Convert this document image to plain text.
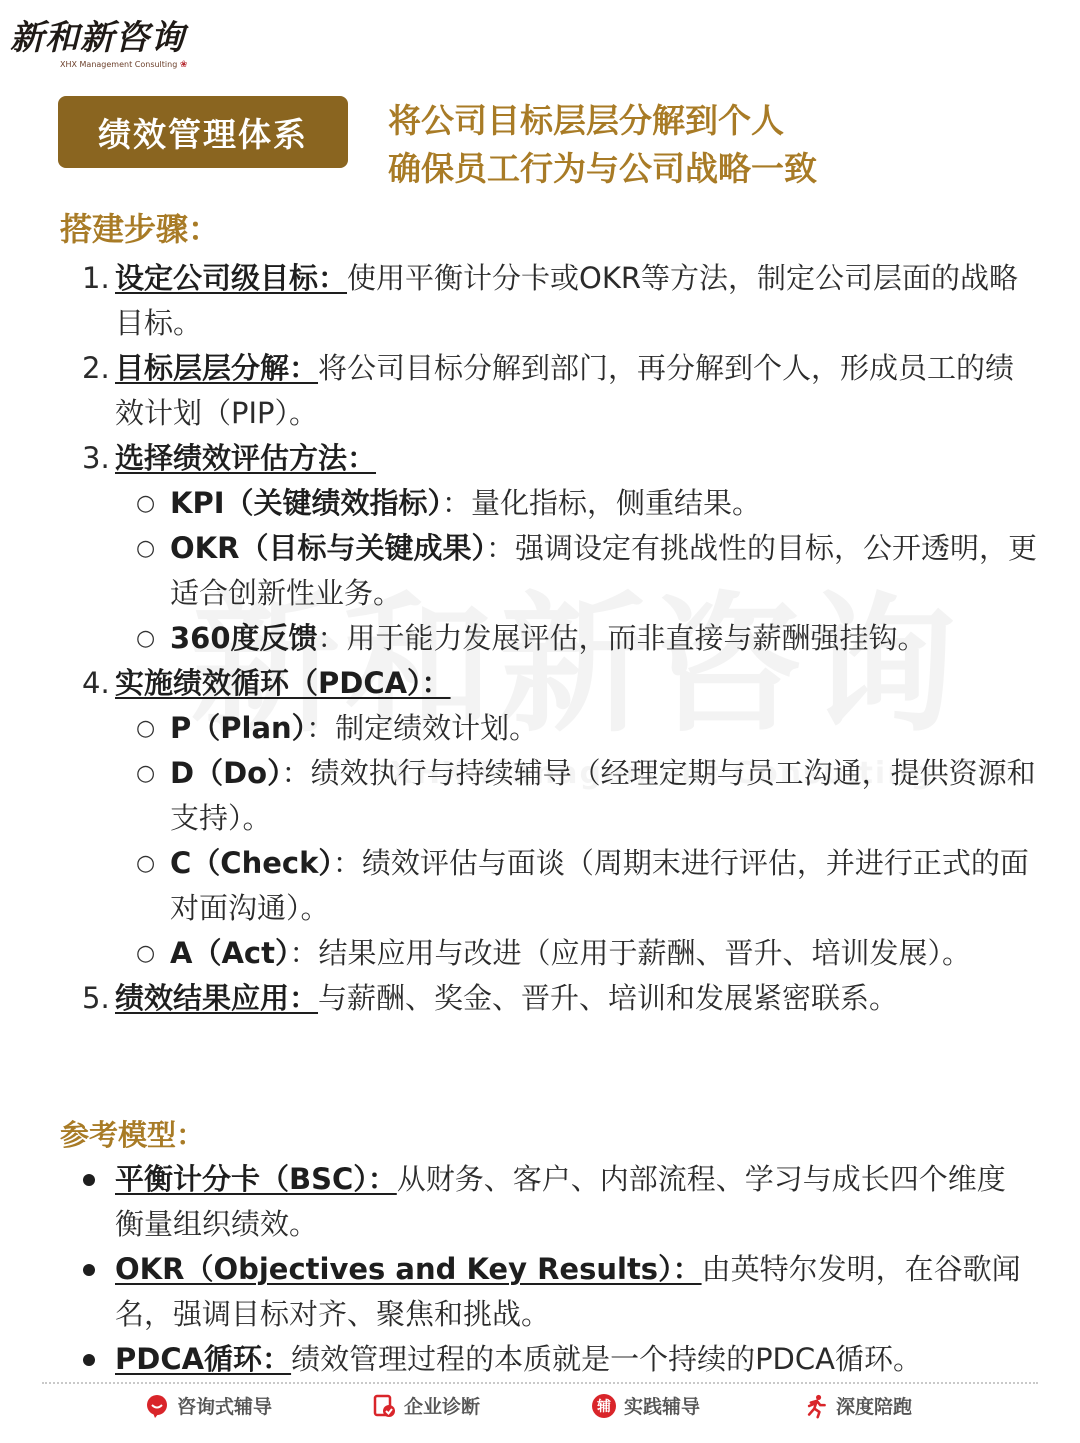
新和新咨询
XHX Management Consulting ❀
绩效管理体系	将公司目标层层分解到个人
确保员工行为与公司战略一致
搭建步骤：
1. 设定公司级目标：使用平衡计分卡或OKR等方法，制定公司层面的战略目标。
2. 目标层层分解：将公司目标分解到部门，再分解到个人，形成员工的绩效计划（PIP）。
3. 选择绩效评估方法：
○ KPI（关键绩效指标）：量化指标，侧重结果。
○ OKR（目标与关键成果）：强调设定有挑战性的目标，公开透明，更适合创新性业务。
○ 360度反馈：用于能力发展评估，而非直接与薪酬强挂钩。
4. 实施绩效循环（PDCA）：
○ P（Plan）：制定绩效计划。
○ D（Do）：绩效执行与持续辅导（经理定期与员工沟通，提供资源和支持）。
○ C（Check）：绩效评估与面谈（周期末进行评估，并进行正式的面对面沟通）。
○ A（Act）：结果应用与改进（应用于薪酬、晋升、培训发展）。
5. 绩效结果应用：与薪酬、奖金、晋升、培训和发展紧密联系。
参考模型：
平衡计分卡（BSC）：从财务、客户、内部流程、学习与成长四个维度衡量组织绩效。
OKR（Objectives and Key Results）：由英特尔发明，在谷歌闻名，强调目标对齐、聚焦和挑战。
PDCA循环：绩效管理过程的本质就是一个持续的PDCA循环。
咨询式辅导	企业诊断	辅 实践辅导	深度陪跑
